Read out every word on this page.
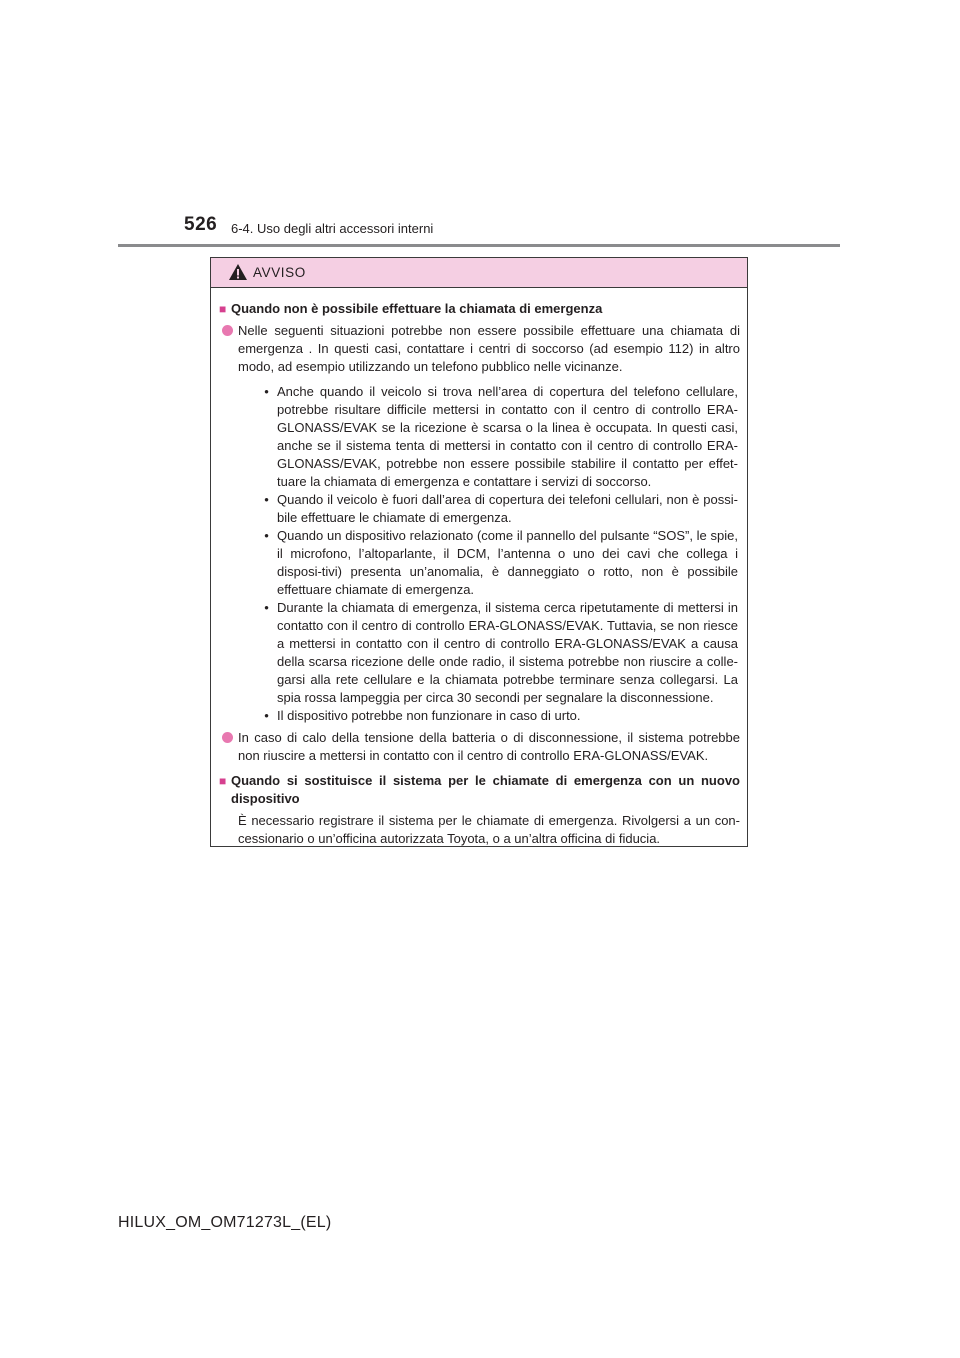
526 6-4. Uso degli altri accessori interni
AVVISO
■ Quando non è possibile effettuare la chiamata di emergenza
Nelle seguenti situazioni potrebbe non essere possibile effettuare una chiamata di emergenza . In questi casi, contattare i centri di soccorso (ad esempio 112) in altro modo, ad esempio utilizzando un telefono pubblico nelle vicinanze.
• Anche quando il veicolo si trova nell’area di copertura del telefono cellulare, potrebbe risultare difficile mettersi in contatto con il centro di controllo ERA-GLONASS/EVAK se la ricezione è scarsa o la linea è occupata. In questi casi, anche se il sistema tenta di mettersi in contatto con il centro di controllo ERA-GLONASS/EVAK, potrebbe non essere possibile stabilire il contatto per effet-tuare la chiamata di emergenza e contattare i servizi di soccorso.
• Quando il veicolo è fuori dall’area di copertura dei telefoni cellulari, non è possi-bile effettuare le chiamate di emergenza.
• Quando un dispositivo relazionato (come il pannello del pulsante “SOS”, le spie, il microfono, l’altoparlante, il DCM, l’antenna o uno dei cavi che collega i disposi-tivi) presenta un’anomalia, è danneggiato o rotto, non è possibile effettuare chiamate di emergenza.
• Durante la chiamata di emergenza, il sistema cerca ripetutamente di mettersi in contatto con il centro di controllo ERA-GLONASS/EVAK. Tuttavia, se non riesce a mettersi in contatto con il centro di controllo ERA-GLONASS/EVAK a causa della scarsa ricezione delle onde radio, il sistema potrebbe non riuscire a colle-garsi alla rete cellulare e la chiamata potrebbe terminare senza collegarsi. La spia rossa lampeggia per circa 30 secondi per segnalare la disconnessione.
• Il dispositivo potrebbe non funzionare in caso di urto.
In caso di calo della tensione della batteria o di disconnessione, il sistema potrebbe non riuscire a mettersi in contatto con il centro di controllo ERA-GLONASS/EVAK.
■ Quando si sostituisce il sistema per le chiamate di emergenza con un nuovo dispositivo
È necessario registrare il sistema per le chiamate di emergenza. Rivolgersi a un con-cessionario o un’officina autorizzata Toyota, o a un’altra officina di fiducia.
HILUX_OM_OM71273L_(EL)
